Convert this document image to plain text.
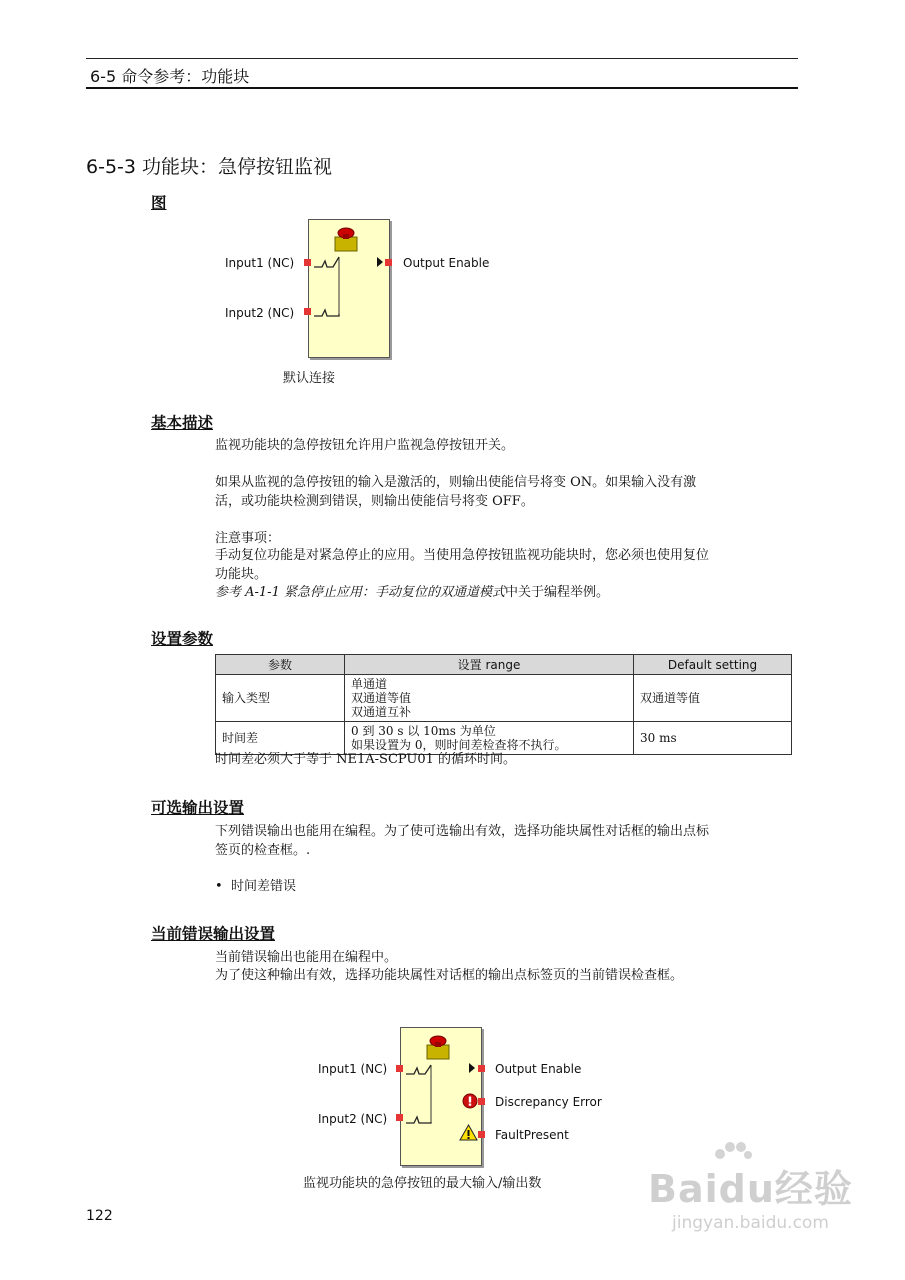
6-5 命令参考：功能块
6-5-3 功能块：急停按钮监视
图
Input1 (NC)
Input2 (NC)
Output Enable
默认连接
基本描述
监视功能块的急停按钮允许用户监视急停按钮开关。
如果从监视的急停按钮的输入是激活的，则输出使能信号将变 ON。如果输入没有激
活，或功能块检测到错误，则输出使能信号将变 OFF。
注意事项：
手动复位功能是对紧急停止的应用。当使用急停按钮监视功能块时，您必须也使用复位
功能块。
参考 A-1-1 紧急停止应用：手动复位的双通道模式中关于编程举例。
设置参数
参数	设置 range	Default setting
输入类型	单通道
双通道等值
双通道互补	双通道等值
时间差	0 到 30 s 以 10ms 为单位
如果设置为 0，则时间差检查将不执行。	30 ms
时间差必须大于等于 NE1A-SCPU01 的循环时间。
可选输出设置
下列错误输出也能用在编程。为了使可选输出有效，选择功能块属性对话框的输出点标
签页的检查框。.
• 时间差错误
当前错误输出设置
当前错误输出也能用在编程中。
为了使这种输出有效，选择功能块属性对话框的输出点标签页的当前错误检查框。
Input1 (NC)
Input2 (NC)
Output Enable
Discrepancy Error
FaultPresent
监视功能块的急停按钮的最大输入/输出数
122
Baidu经验
jingyan.baidu.com
